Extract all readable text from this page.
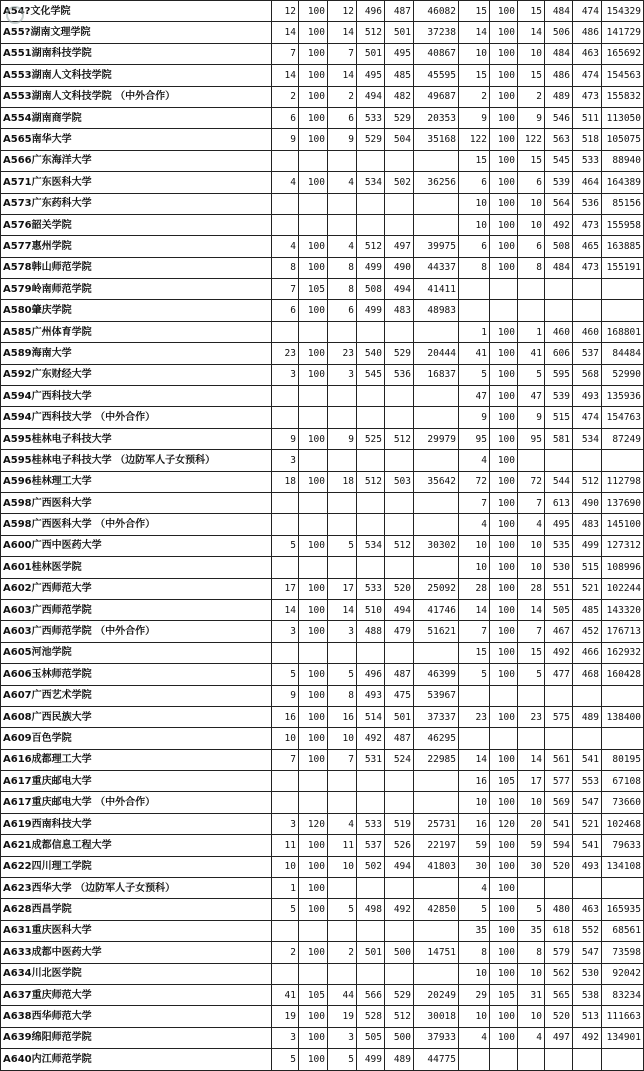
A54?文化学院	12	100	12	496	487	46082	15	100	15	484	474	154329
A55?湖南文理学院	14	100	14	512	501	37238	14	100	14	506	486	141729
A551湖南科技学院	7	100	7	501	495	40867	10	100	10	484	463	165692
A553湖南人文科技学院	14	100	14	495	485	45595	15	100	15	486	474	154563
A553湖南人文科技学院 （中外合作）	2	100	2	494	482	49687	2	100	2	489	473	155832
A554湖南商学院	6	100	6	533	529	20353	9	100	9	546	511	113050
A565南华大学	9	100	9	529	504	35168	122	100	122	563	518	105075
A566广东海洋大学							15	100	15	545	533	88940
A571广东医科大学	4	100	4	534	502	36256	6	100	6	539	464	164389
A573广东药科大学							10	100	10	564	536	85156
A576韶关学院							10	100	10	492	473	155958
A577惠州学院	4	100	4	512	497	39975	6	100	6	508	465	163885
A578韩山师范学院	8	100	8	499	490	44337	8	100	8	484	473	155191
A579岭南师范学院	7	105	8	508	494	41411						
A580肇庆学院	6	100	6	499	483	48983						
A585广州体育学院							1	100	1	460	460	168801
A589海南大学	23	100	23	540	529	20444	41	100	41	606	537	84484
A592广东财经大学	3	100	3	545	536	16837	5	100	5	595	568	52990
A594广西科技大学							47	100	47	539	493	135936
A594广西科技大学 （中外合作）							9	100	9	515	474	154763
A595桂林电子科技大学	9	100	9	525	512	29979	95	100	95	581	534	87249
A595桂林电子科技大学 （边防军人子女预科）	3						4	100				
A596桂林理工大学	18	100	18	512	503	35642	72	100	72	544	512	112798
A598广西医科大学							7	100	7	613	490	137690
A598广西医科大学 （中外合作）							4	100	4	495	483	145100
A600广西中医药大学	5	100	5	534	512	30302	10	100	10	535	499	127312
A601桂林医学院							10	100	10	530	515	108996
A602广西师范大学	17	100	17	533	520	25092	28	100	28	551	521	102244
A603广西师范学院	14	100	14	510	494	41746	14	100	14	505	485	143320
A603广西师范学院 （中外合作）	3	100	3	488	479	51621	7	100	7	467	452	176713
A605河池学院							15	100	15	492	466	162932
A606玉林师范学院	5	100	5	496	487	46399	5	100	5	477	468	160428
A607广西艺术学院	9	100	8	493	475	53967						
A608广西民族大学	16	100	16	514	501	37337	23	100	23	575	489	138400
A609百色学院	10	100	10	492	487	46295						
A616成都理工大学	7	100	7	531	524	22985	14	100	14	561	541	80195
A617重庆邮电大学							16	105	17	577	553	67108
A617重庆邮电大学 （中外合作）							10	100	10	569	547	73660
A619西南科技大学	3	120	4	533	519	25731	16	120	20	541	521	102468
A621成都信息工程大学	11	100	11	537	526	22197	59	100	59	594	541	79633
A622四川理工学院	10	100	10	502	494	41803	30	100	30	520	493	134108
A623西华大学 （边防军人子女预科）	1	100					4	100				
A628西昌学院	5	100	5	498	492	42850	5	100	5	480	463	165935
A631重庆医科大学							35	100	35	618	552	68561
A633成都中医药大学	2	100	2	501	500	14751	8	100	8	579	547	73598
A634川北医学院							10	100	10	562	530	92042
A637重庆师范大学	41	105	44	566	529	20249	29	105	31	565	538	83234
A638西华师范大学	19	100	19	528	512	30018	10	100	10	520	513	111663
A639绵阳师范学院	3	100	3	505	500	37933	4	100	4	497	492	134901
A640内江师范学院	5	100	5	499	489	44775						
